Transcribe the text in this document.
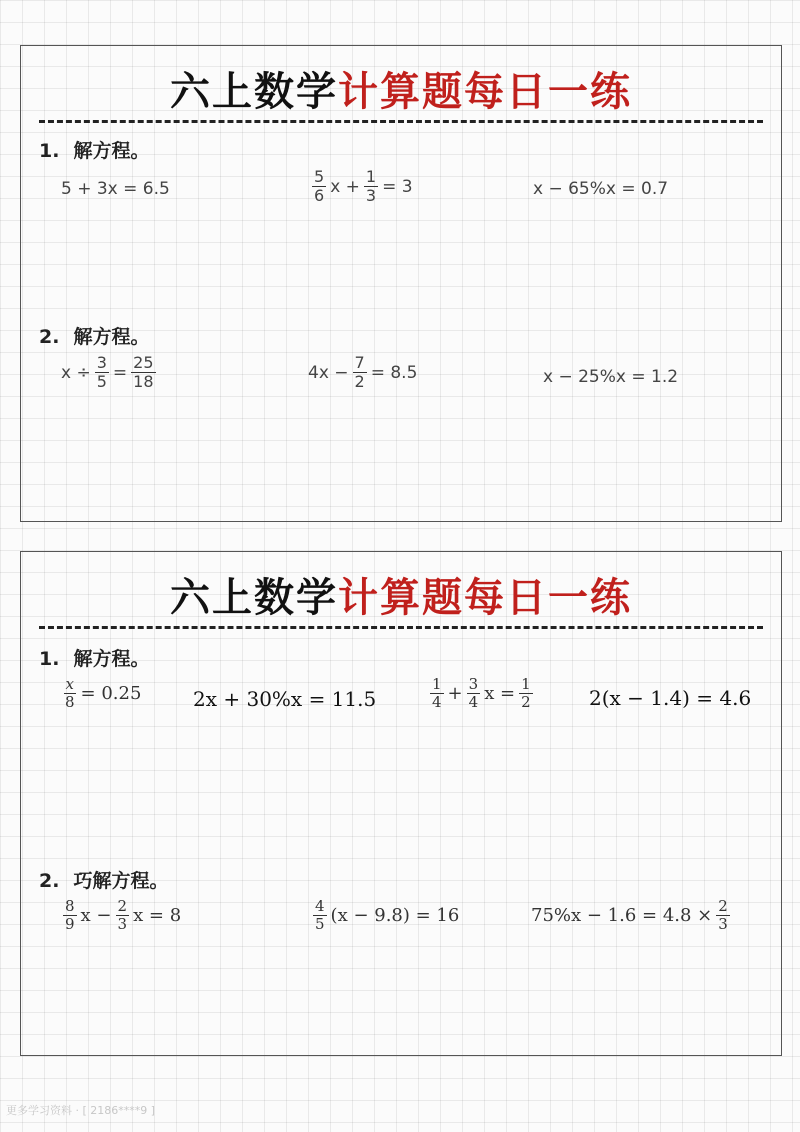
六上数学计算题每日一练
1. 解方程。
5 + 3x = 6.5	$\frac{5}{6}$ $x + \frac{1}{3} = 3$	x − 65%x = 0.7
2. 解方程。
$x \div \frac{3}{5} = \frac{25}{18}$	$4x - \frac{7}{2} = 8.5$	x − 25%x = 1.2
六上数学计算题每日一练
1. 解方程。
$\frac{x}{8} = 0.25$	2x + 30%x = 11.5	$\frac{1}{4} + \frac{3}{4}$ $x = \frac{1}{2}$	2(x − 1.4) = 4.6
2. 巧解方程。
$\frac{8}{9}$ $x - \frac{2}{3}$ x = 8	$\frac{4}{5} (x - 9.8) = 16$	$75\%x - 1.6 = 4.8 \times \frac{2}{3}$
更多学习资料 · [ 2186****9 ]
